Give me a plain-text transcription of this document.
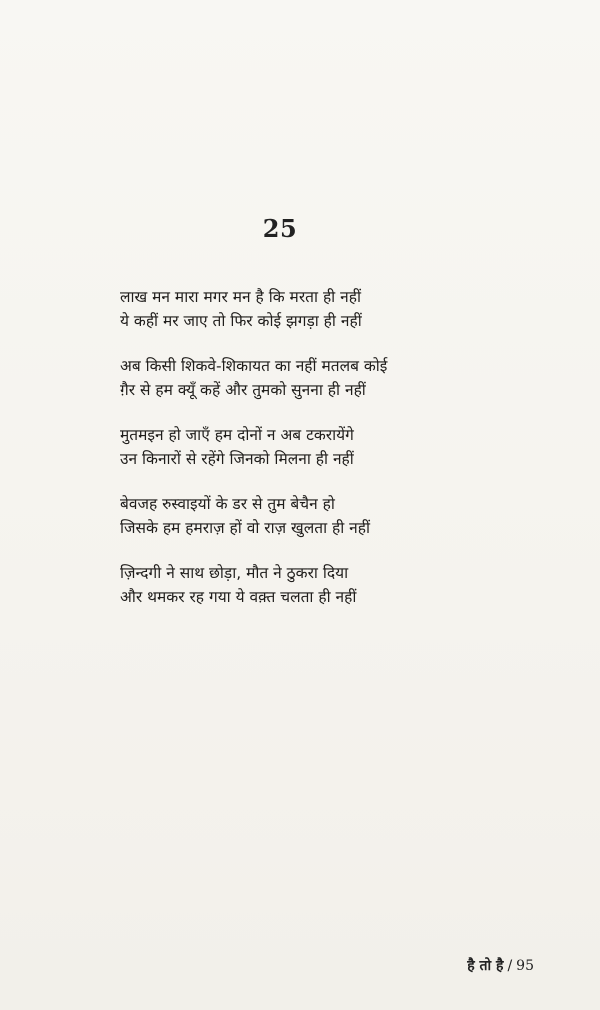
25
लाख मन मारा मगर मन है कि मरता ही नहीं
ये कहीं मर जाए तो फिर कोई झगड़ा ही नहीं
अब किसी शिकवे-शिकायत का नहीं मतलब कोई
ग़ैर से हम क्यूँ कहें और तुमको सुनना ही नहीं
मुतमइन हो जाएँ हम दोनों न अब टकरायेंगे
उन किनारों से रहेंगे जिनको मिलना ही नहीं
बेवजह रुस्वाइयों के डर से तुम बेचैन हो
जिसके हम हमराज़ हों वो राज़ खुलता ही नहीं
ज़िन्दगी ने साथ छोड़ा, मौत ने ठुकरा दिया
और थमकर रह गया ये वक़्त चलता ही नहीं
है तो है / 95
